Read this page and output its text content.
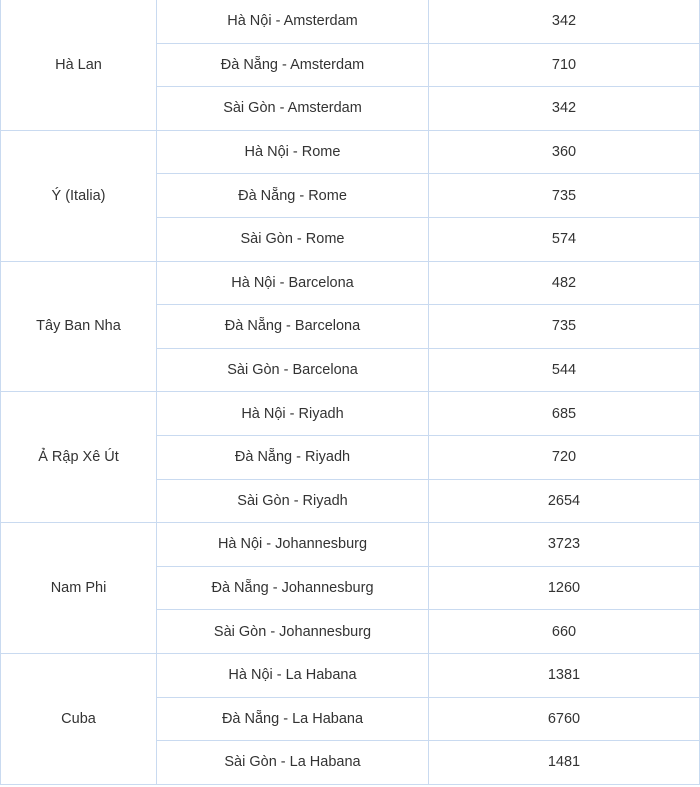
Hà Lan	Hà Nội - Amsterdam	342
	Đà Nẵng - Amsterdam	710
	Sài Gòn - Amsterdam	342
Ý (Italia)	Hà Nội - Rome	360
	Đà Nẵng - Rome	735
	Sài Gòn - Rome	574
Tây Ban Nha	Hà Nội - Barcelona	482
	Đà Nẵng - Barcelona	735
	Sài Gòn - Barcelona	544
Ả Rập Xê Út	Hà Nội - Riyadh	685
	Đà Nẵng - Riyadh	720
	Sài Gòn - Riyadh	2654
Nam Phi	Hà Nội - Johannesburg	3723
	Đà Nẵng - Johannesburg	1260
	Sài Gòn - Johannesburg	660
Cuba	Hà Nội - La Habana	1381
	Đà Nẵng - La Habana	6760
	Sài Gòn - La Habana	1481
